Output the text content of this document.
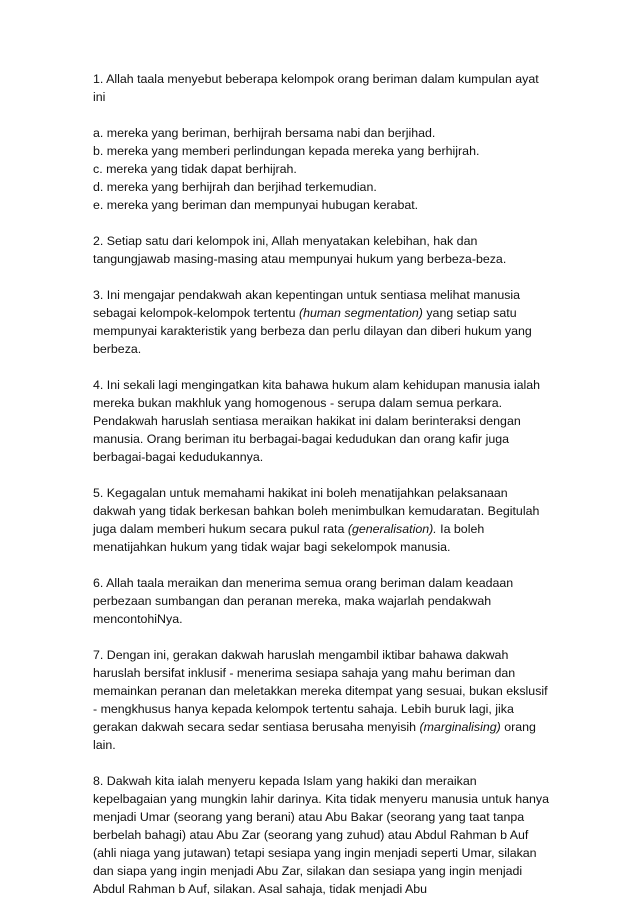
1. Allah taala menyebut beberapa kelompok orang beriman dalam kumpulan ayat ini

a. mereka yang beriman, berhijrah bersama nabi dan berjihad.
b. mereka yang memberi perlindungan kepada mereka yang berhijrah.
c. mereka yang tidak dapat berhijrah.
d. mereka yang berhijrah dan berjihad terkemudian.
e. mereka yang beriman dan mempunyai hubugan kerabat.

2. Setiap satu dari kelompok ini, Allah menyatakan kelebihan, hak dan tangungjawab masing-masing atau mempunyai hukum yang berbeza-beza.

3. Ini mengajar pendakwah akan kepentingan untuk sentiasa melihat manusia sebagai kelompok-kelompok tertentu (human segmentation) yang setiap satu mempunyai karakteristik yang berbeza dan perlu dilayan dan diberi hukum yang berbeza.

4. Ini sekali lagi mengingatkan kita bahawa hukum alam kehidupan manusia ialah mereka bukan makhluk yang homogenous - serupa dalam semua perkara. Pendakwah haruslah sentiasa meraikan hakikat ini dalam berinteraksi dengan manusia. Orang beriman itu berbagai-bagai kedudukan dan orang kafir juga berbagai-bagai kedudukannya.

5. Kegagalan untuk memahami hakikat ini boleh menatijahkan pelaksanaan dakwah yang tidak berkesan bahkan boleh menimbulkan kemudaratan. Begitulah juga dalam memberi hukum secara pukul rata (generalisation). Ia boleh menatijahkan hukum yang tidak wajar bagi sekelompok manusia.

6. Allah taala meraikan dan menerima semua orang beriman dalam keadaan perbezaan sumbangan dan peranan mereka, maka wajarlah pendakwah mencontohiNya.

7. Dengan ini, gerakan dakwah haruslah mengambil iktibar bahawa dakwah haruslah bersifat inklusif - menerima sesiapa sahaja yang mahu beriman dan memainkan peranan dan meletakkan mereka ditempat yang sesuai, bukan ekslusif - mengkhusus hanya kepada kelompok tertentu sahaja. Lebih buruk lagi, jika gerakan dakwah secara sedar sentiasa berusaha menyisih (marginalising) orang lain.

8. Dakwah kita ialah menyeru kepada Islam yang hakiki dan meraikan kepelbagaian yang mungkin lahir darinya. Kita tidak menyeru manusia untuk hanya menjadi Umar (seorang yang berani) atau Abu Bakar (seorang yang taat tanpa berbelah bahagi) atau Abu Zar (seorang yang zuhud) atau Abdul Rahman b Auf (ahli niaga yang jutawan) tetapi sesiapa yang ingin menjadi seperti Umar, silakan dan siapa yang ingin menjadi Abu Zar, silakan dan sesiapa yang ingin menjadi Abdul Rahman b Auf, silakan. Asal sahaja, tidak menjadi Abu
